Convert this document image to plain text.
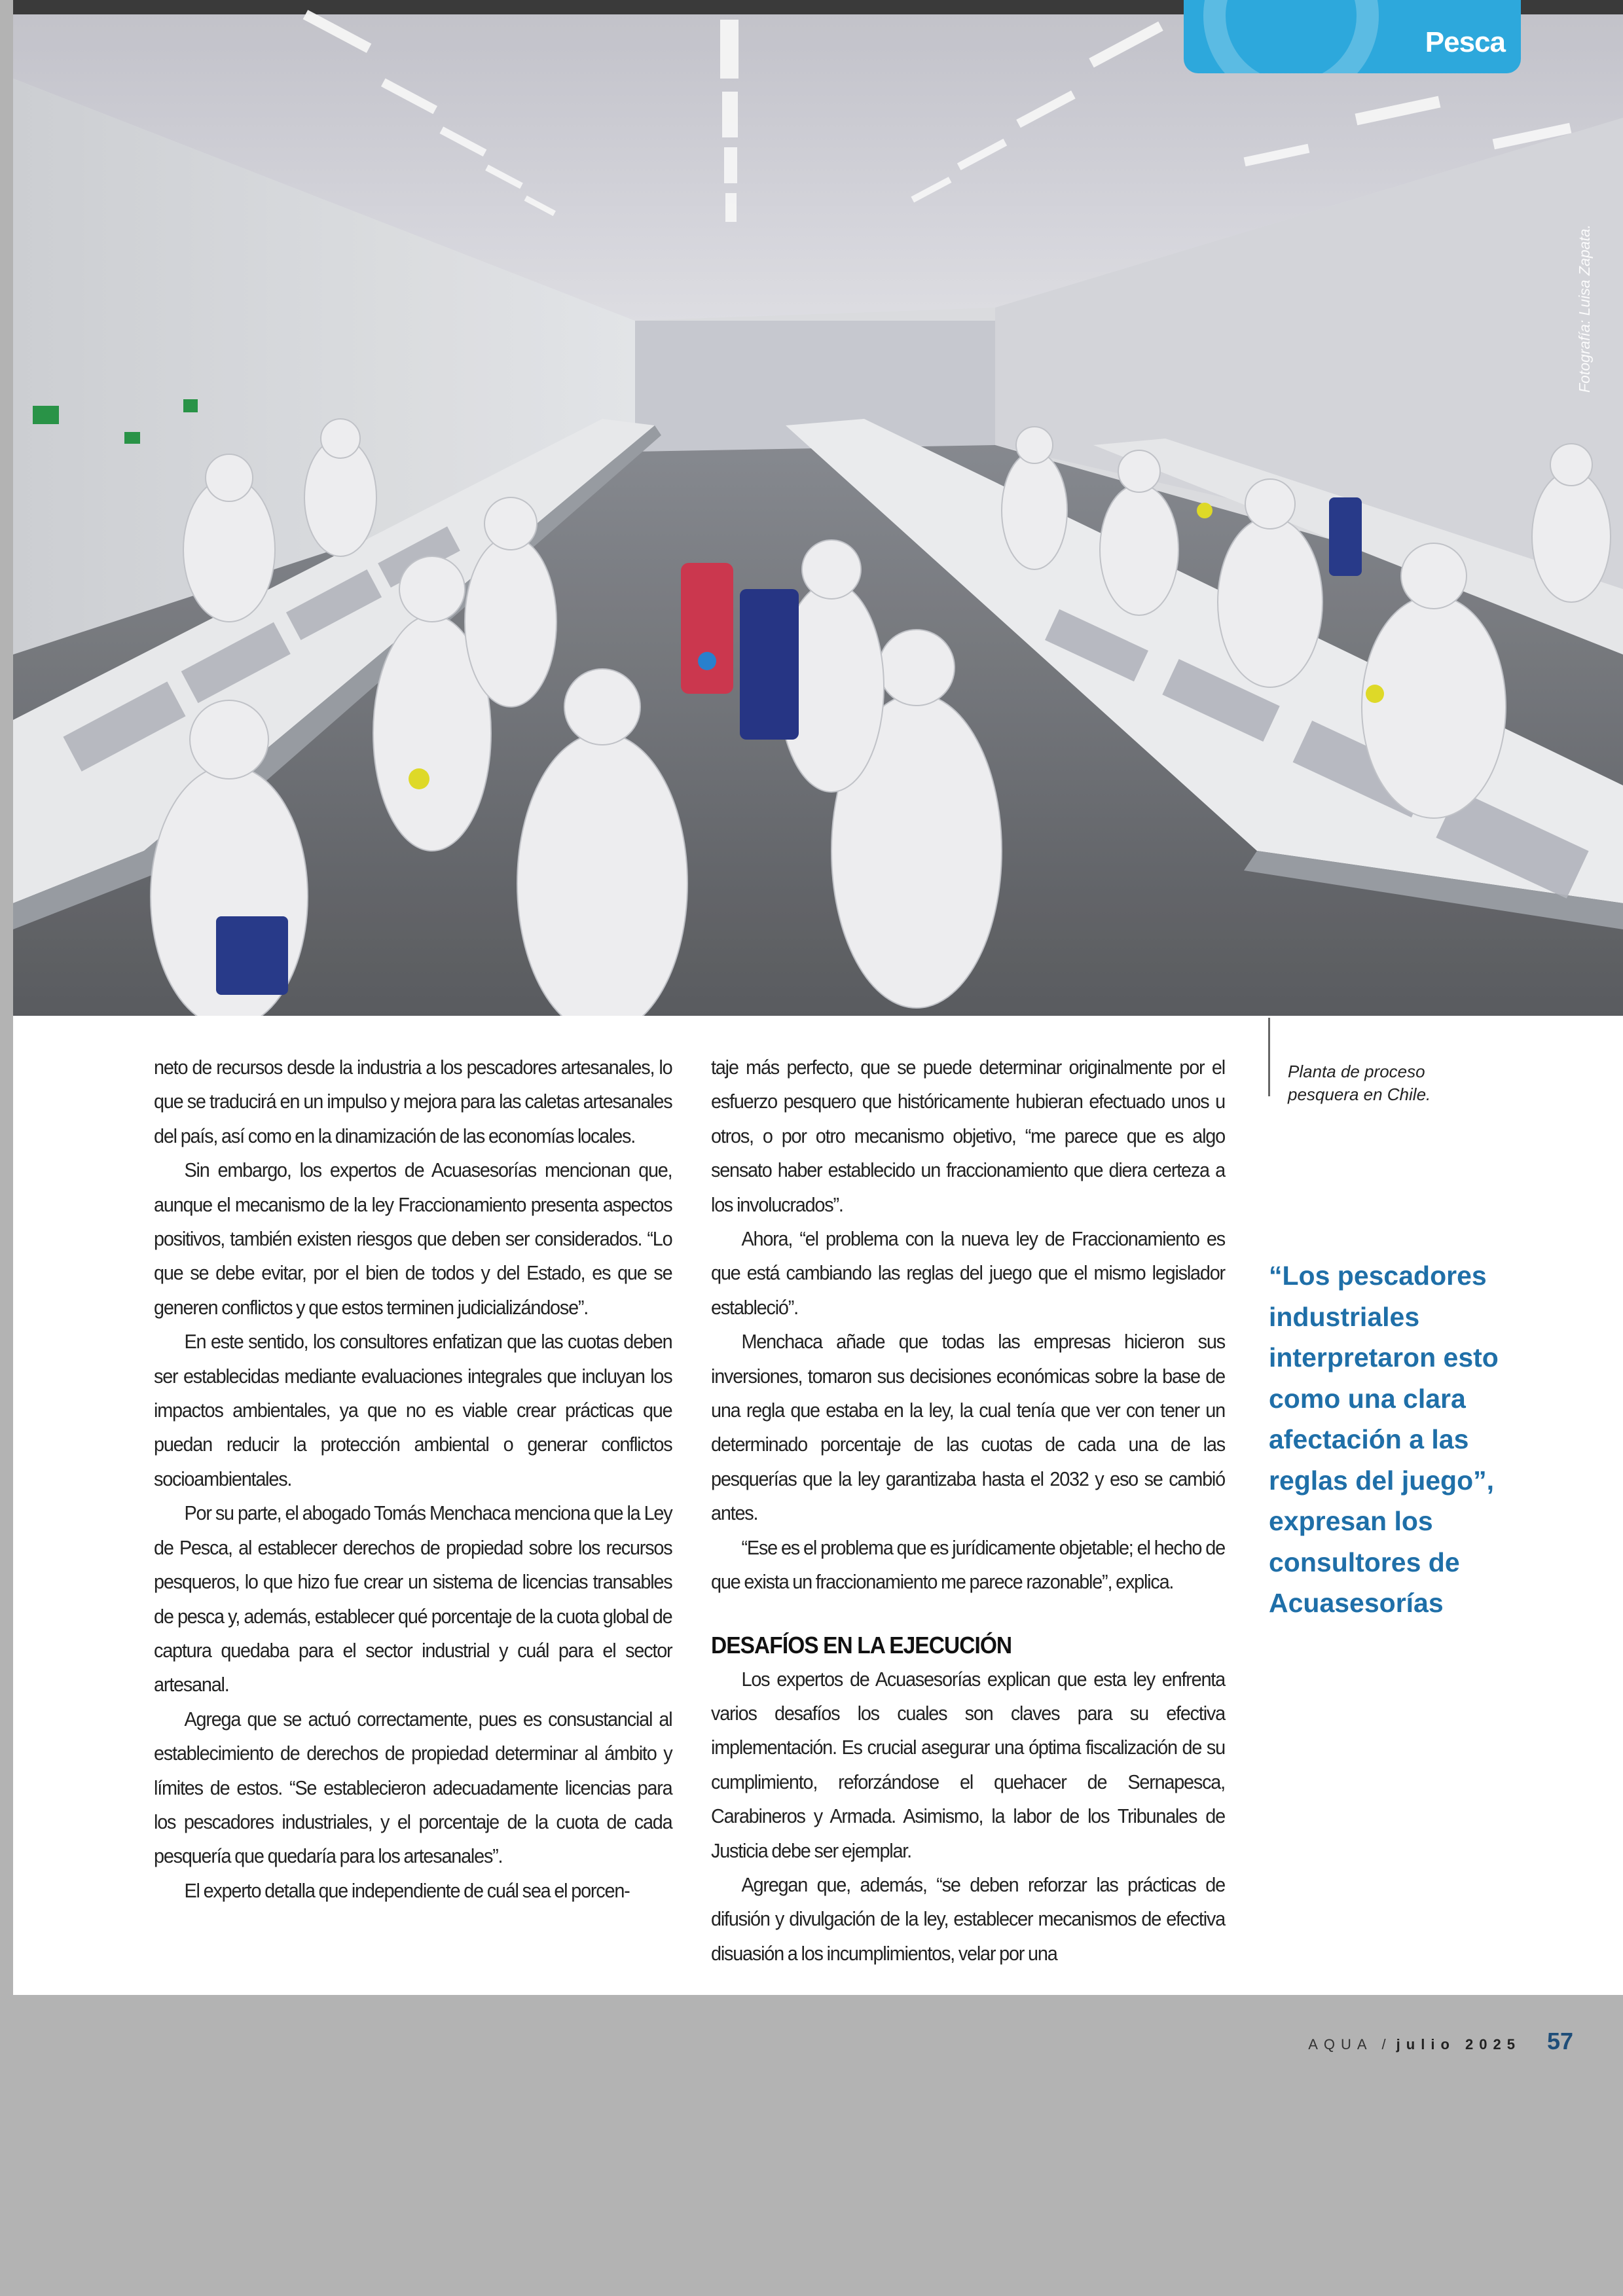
Pesca
Fotografía: Luisa Zapata.

neto de recursos desde la industria a los pescadores artesanales, lo que se traducirá en un impulso y mejora para las caletas artesanales del país, así como en la dinamización de las economías locales.

Sin embargo, los expertos de Acuasesorías mencionan que, aunque el mecanismo de la ley Fraccionamiento presenta aspectos positivos, también existen riesgos que deben ser considerados. “Lo que se debe evitar, por el bien de todos y del Estado, es que se generen conflictos y que estos terminen judicializándose”.

En este sentido, los consultores enfatizan que las cuotas deben ser establecidas mediante evaluaciones integrales que incluyan los impactos ambientales, ya que no es viable crear prácticas que puedan reducir la protección ambiental o generar conflictos socioambientales.

Por su parte, el abogado Tomás Menchaca menciona que la Ley de Pesca, al establecer derechos de propiedad sobre los recursos pesqueros, lo que hizo fue crear un sistema de licencias transables de pesca y, además, establecer qué porcentaje de la cuota global de captura quedaba para el sector industrial y cuál para el sector artesanal.

Agrega que se actuó correctamente, pues es consustancial al establecimiento de derechos de propiedad determinar al ámbito y límites de estos. “Se establecieron adecuadamente licencias para los pescadores industriales, y el porcentaje de la cuota de cada pesquería que quedaría para los artesanales”.

El experto detalla que independiente de cuál sea el porcen-

taje más perfecto, que se puede determinar originalmente por el esfuerzo pesquero que históricamente hubieran efectuado unos u otros, o por otro mecanismo objetivo, “me parece que es algo sensato haber establecido un fraccionamiento que diera certeza a los involucrados”.

Ahora, “el problema con la nueva ley de Fraccionamiento es que está cambiando las reglas del juego que el mismo legislador estableció”.

Menchaca añade que todas las empresas hicieron sus inversiones, tomaron sus decisiones económicas sobre la base de una regla que estaba en la ley, la cual tenía que ver con tener un determinado porcentaje de las cuotas de cada una de las pesquerías que la ley garantizaba hasta el 2032 y eso se cambió antes.

“Ese es el problema que es jurídicamente objetable; el hecho de que exista un fraccionamiento me parece razonable”, explica.

DESAFÍOS EN LA EJECUCIÓN

Los expertos de Acuasesorías explican que esta ley enfrenta varios desafíos los cuales son claves para su efectiva implementación. Es crucial asegurar una óptima fiscalización de su cumplimiento, reforzándose el quehacer de Sernapesca, Carabineros y Armada. Asimismo, la labor de los Tribunales de Justicia debe ser ejemplar.

Agregan que, además, “se deben reforzar las prácticas de difusión y divulgación de la ley, establecer mecanismos de efectiva disuasión a los incumplimientos, velar por una

Planta de proceso pesquera en Chile.
“Los pescadores industriales interpretaron esto como una clara afectación a las reglas del juego”, expresan los consultores de Acuasesorías
AQUA / julio 2025 57
